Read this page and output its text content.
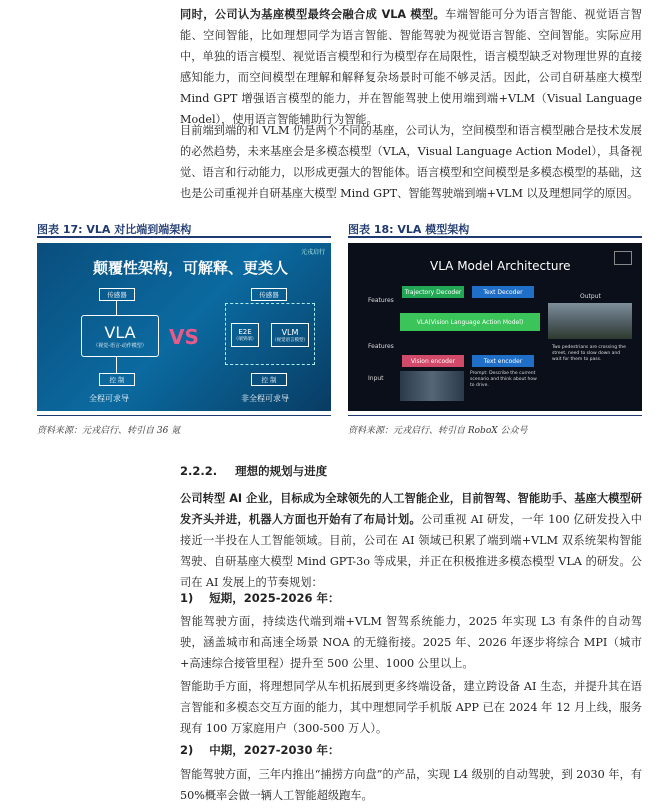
同时，公司认为基座模型最终会融合成 VLA 模型。车端智能可分为语言智能、视觉语言智能、空间智能，比如理想同学为语言智能、智能驾驶为视觉语言智能、空间智能。实际应用中，单独的语言模型、视觉语言模型和行为模型存在局限性，语言模型缺乏对物理世界的直接感知能力，而空间模型在理解和解释复杂场景时可能不够灵活。因此，公司自研基座大模型 Mind GPT 增强语言模型的能力，并在智能驾驶上使用端到端+VLM（Visual Language Model），使用语言智能辅助行为智能。

目前端到端的和 VLM 仍是两个不同的基座，公司认为，空间模型和语言模型融合是技术发展的必然趋势，未来基座会是多模态模型（VLA，Visual Language Action Model），具备视觉、语言和行动能力，以形成更强大的智能体。语言模型和空间模型是多模态模型的基础，这也是公司重视并自研基座大模型 Mind GPT、智能驾驶端到端+VLM 以及理想同学的原因。

图表 17: VLA 对比端到端架构

颠覆性架构，可解释、更类人
元戎启行
传感器
VLA
（视觉-语言-动作模型）
控 制
全程可求导
VS
传感器
E2E
（端到端）
VLM
（视觉语言模型）
控 制
非全程可求导
资料来源：元戎启行、转引自 36 氪

图表 18: VLA 模型架构

VLA Model Architecture
Trajectory Decoder	Text Decoder
Features
VLA(Vision Language Action Model)
Features
Vision encoder	Text encoder
Input
Prompt: Describe the current scenario and think about how to drive.
Output
Two pedestrians are crossing the street, need to slow down and wait for them to pass.
资料来源：元戎启行、转引自 RoboX 公众号
2.2.2. 理想的规划与进度

公司转型 AI 企业，目标成为全球领先的人工智能企业，目前智驾、智能助手、基座大模型研发齐头并进，机器人方面也开始有了布局计划。公司重视 AI 研发，一年 100 亿研发投入中接近一半投在人工智能领域。目前，公司在 AI 领域已积累了端到端+VLM 双系统架构智能驾驶、自研基座大模型 Mind GPT-3o 等成果，并正在积极推进多模态模型 VLA 的研发。公司在 AI 发展上的节奏规划：

1)    短期，2025-2026 年：

智能驾驶方面，持续迭代端到端+VLM 智驾系统能力，2025 年实现 L3 有条件的自动驾驶，涵盖城市和高速全场景 NOA 的无缝衔接。2025 年、2026 年逐步将综合 MPI（城市+高速综合接管里程）提升至 500 公里、1000 公里以上。

智能助手方面，将理想同学从车机拓展到更多终端设备，建立跨设备 AI 生态，并提升其在语言智能和多模态交互方面的能力，其中理想同学手机版 APP 已在 2024 年 12 月上线，服务现有 100 万家庭用户（300-500 万人）。

2)    中期，2027-2030 年：

智能驾驶方面，三年内推出“捕捞方向盘”的产品，实现 L4 级别的自动驾驶，到 2030 年，有 50%概率会做一辆人工智能超级跑车。
